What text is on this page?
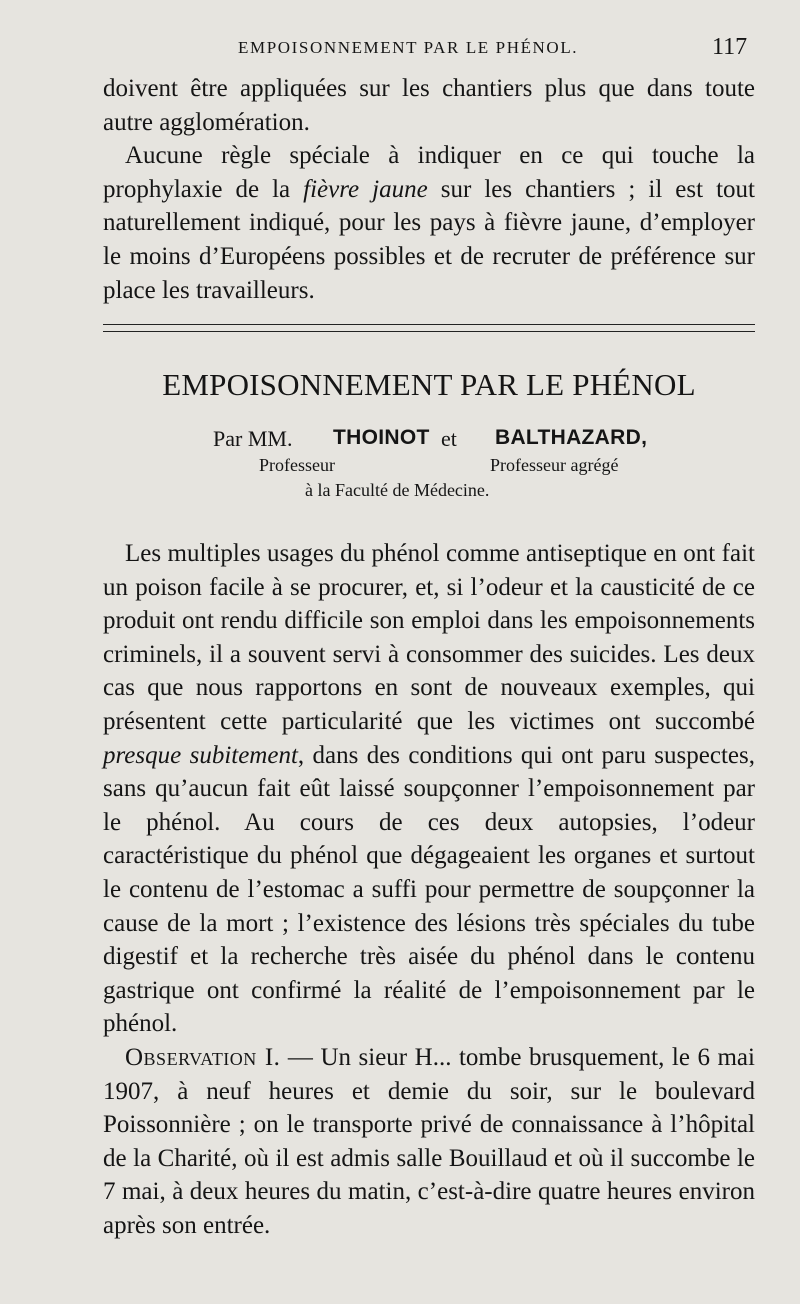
EMPOISONNEMENT PAR LE PHÉNOL.	117

doivent être appliquées sur les chantiers plus que dans toute autre agglomération.

Aucune règle spéciale à indiquer en ce qui touche la prophylaxie de la fièvre jaune sur les chantiers ; il est tout naturellement indiqué, pour les pays à fièvre jaune, d’employer le moins d’Européens possibles et de recruter de préférence sur place les travailleurs.

EMPOISONNEMENT PAR LE PHÉNOL
Par MM. THOINOT et BALTHAZARD,
Professeur	Professeur agrégé
à la Faculté de Médecine.

Les multiples usages du phénol comme antiseptique en ont fait un poison facile à se procurer, et, si l’odeur et la causticité de ce produit ont rendu difficile son emploi dans les empoisonnements criminels, il a souvent servi à consommer des suicides. Les deux cas que nous rapportons en sont de nouveaux exemples, qui présentent cette particularité que les victimes ont succombé presque subitement, dans des conditions qui ont paru suspectes, sans qu’aucun fait eût laissé soupçonner l’empoisonnement par le phénol. Au cours de ces deux autopsies, l’odeur caractéristique du phénol que dégageaient les organes et surtout le contenu de l’estomac a suffi pour permettre de soupçonner la cause de la mort ; l’existence des lésions très spéciales du tube digestif et la recherche très aisée du phénol dans le contenu gastrique ont confirmé la réalité de l’empoisonnement par le phénol.

Observation I. — Un sieur H... tombe brusquement, le 6 mai 1907, à neuf heures et demie du soir, sur le boulevard Poissonnière ; on le transporte privé de connaissance à l’hôpital de la Charité, où il est admis salle Bouillaud et où il succombe le 7 mai, à deux heures du matin, c’est-à-dire quatre heures environ après son entrée.
